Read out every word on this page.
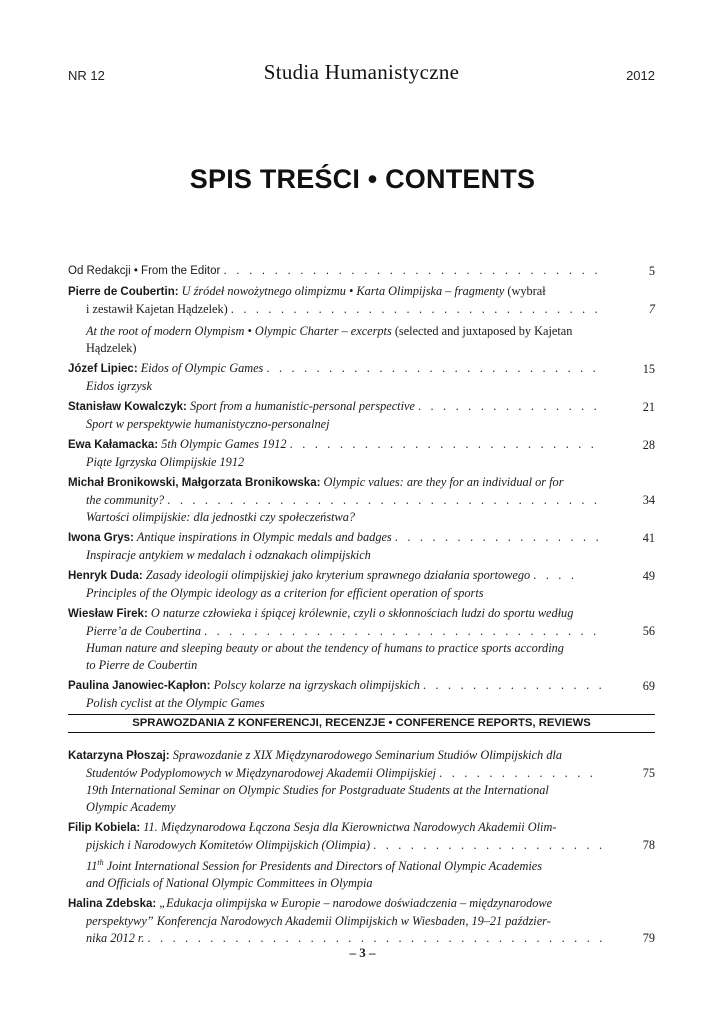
NR 12	Studia Humanistyczne	2012
SPIS TREŚCI • CONTENTS
Od Redakcji • From the Editor . . . . . . . . . . . . . . . . . . . . . . . . . . . . . .	5
Pierre de Coubertin: U źródeł nowożytnego olimpizmu • Karta Olimpijska – fragmenty (wybrał
i zestawił Kajetan Hądzelek) . . . . . . . . . . . . . . . . . . . . . . . . . . . . . .	7
At the root of modern Olympism • Olympic Charter – excerpts (selected and juxtaposed by Kajetan
Hądzelek)
Józef Lipiec: Eidos of Olympic Games . . . . . . . . . . . . . . . . . . . . . . . . . . .	15
Eidos igrzysk
Stanisław Kowalczyk: Sport from a humanistic-personal perspective . . . . . . . . . . . . . . .	21
Sport w perspektywie humanistyczno-personalnej
Ewa Kałamacka: 5th Olympic Games 1912 . . . . . . . . . . . . . . . . . . . . . . . . .	28
Piąte Igrzyska Olimpijskie 1912
Michał Bronikowski, Małgorzata Bronikowska: Olympic values: are they for an individual or for
the community? . . . . . . . . . . . . . . . . . . . . . . . . . . . . . . . . . . .	34
Wartości olimpijskie: dla jednostki czy społeczeństwa?
Iwona Grys: Antique inspirations in Olympic medals and badges . . . . . . . . . . . . . . . . .	41
Inspiracje antykiem w medalach i odznakach olimpijskich
Henryk Duda: Zasady ideologii olimpijskiej jako kryterium sprawnego działania sportowego . . . .	49
Principles of the Olympic ideology as a criterion for efficient operation of sports
Wiesław Firek: O naturze człowieka i śpiącej królewnie, czyli o skłonnościach ludzi do sportu według
Pierre’a de Coubertina . . . . . . . . . . . . . . . . . . . . . . . . . . . . . . . .	56
Human nature and sleeping beauty or about the tendency of humans to practice sports according
to Pierre de Coubertin
Paulina Janowiec-Kapłon: Polscy kolarze na igrzyskach olimpijskich . . . . . . . . . . . . . . .	69
Polish cyclist at the Olympic Games
SPRAWOZDANIA Z KONFERENCJI, RECENZJE • CONFERENCE REPORTS, REVIEWS
Katarzyna Płoszaj: Sprawozdanie z XIX Międzynarodowego Seminarium Studiów Olimpijskich dla
Studentów Podyplomowych w Międzynarodowej Akademii Olimpijskiej . . . . . . . . . . . . .	75
19th International Seminar on Olympic Studies for Postgraduate Students at the International
Olympic Academy
Filip Kobiela: 11. Międzynarodowa Łączona Sesja dla Kierownictwa Narodowych Akademii Olim-
pijskich i Narodowych Komitetów Olimpijskich (Olimpia) . . . . . . . . . . . . . . . . . . .	78
11th Joint International Session for Presidents and Directors of National Olympic Academies
and Officials of National Olympic Committees in Olympia
Halina Zdebska: „Edukacja olimpijska w Europie – narodowe doświadczenia – międzynarodowe
perspektywy” Konferencja Narodowych Akademii Olimpijskich w Wiesbaden, 19–21 paździer-
nika 2012 r. . . . . . . . . . . . . . . . . . . . . . . . . . . . . . . . . . . . . .	79
– 3 –
